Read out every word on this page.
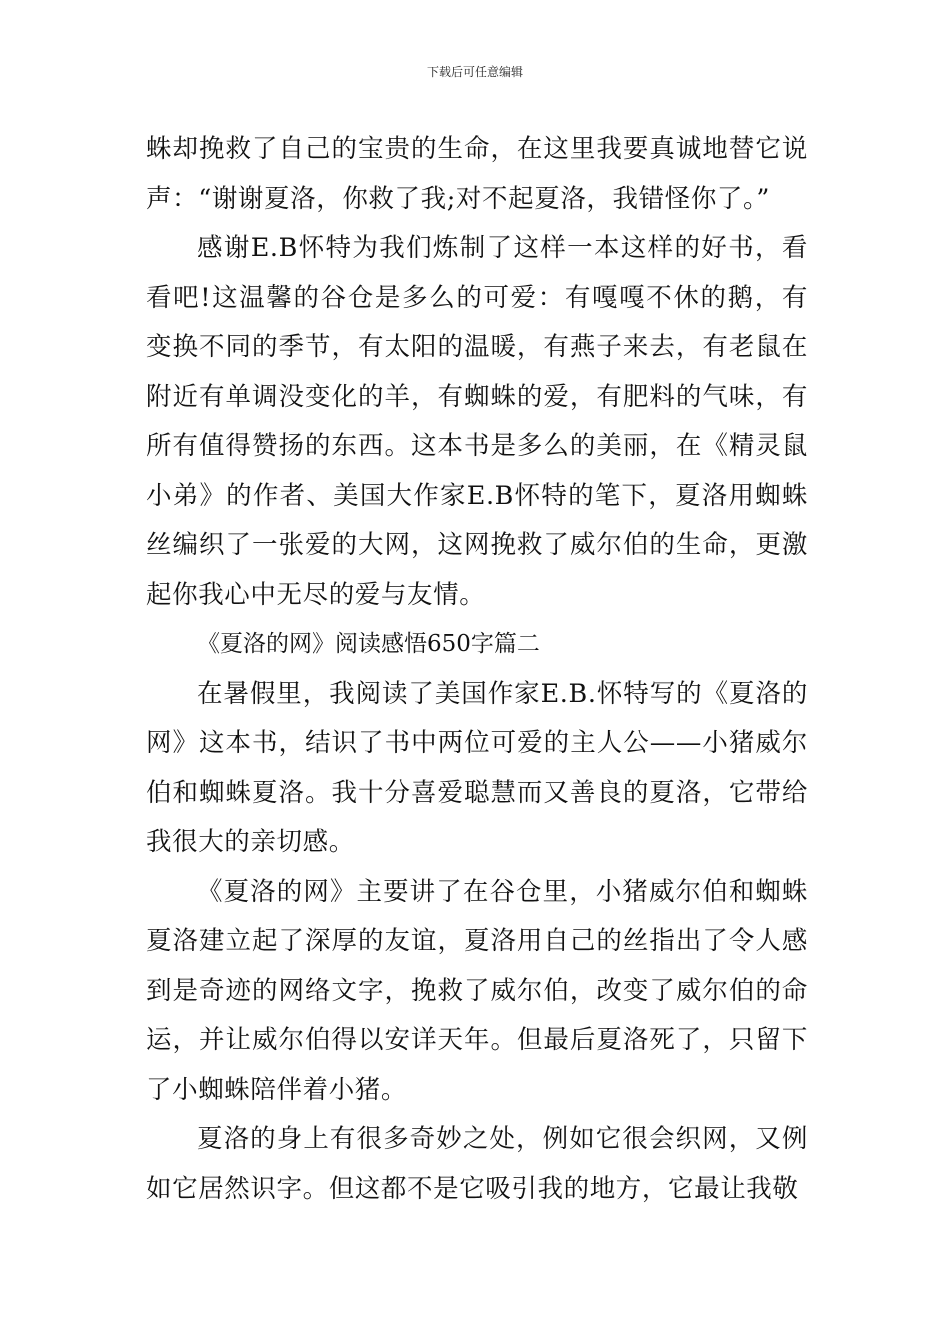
下载后可任意编辑

蛛却挽救了自己的宝贵的生命，在这里我要真诚地替它说声：“谢谢夏洛，你救了我;对不起夏洛，我错怪你了。”

感谢E.B怀特为我们炼制了这样一本这样的好书，看看吧!这温馨的谷仓是多么的可爱：有嘎嘎不休的鹅，有变换不同的季节，有太阳的温暖，有燕子来去，有老鼠在附近有单调没变化的羊，有蜘蛛的爱，有肥料的气味，有所有值得赞扬的东西。这本书是多么的美丽，在《精灵鼠小弟》的作者、美国大作家E.B怀特的笔下，夏洛用蜘蛛丝编织了一张爱的大网，这网挽救了威尔伯的生命，更激起你我心中无尽的爱与友情。

《夏洛的网》阅读感悟650字篇二

在暑假里，我阅读了美国作家E.B.怀特写的《夏洛的网》这本书，结识了书中两位可爱的主人公——小猪威尔伯和蜘蛛夏洛。我十分喜爱聪慧而又善良的夏洛，它带给我很大的亲切感。

《夏洛的网》主要讲了在谷仓里，小猪威尔伯和蜘蛛夏洛建立起了深厚的友谊，夏洛用自己的丝指出了令人感到是奇迹的网络文字，挽救了威尔伯，改变了威尔伯的命运，并让威尔伯得以安详天年。但最后夏洛死了，只留下了小蜘蛛陪伴着小猪。

夏洛的身上有很多奇妙之处，例如它很会织网，又例如它居然识字。但这都不是它吸引我的地方，它最让我敬
